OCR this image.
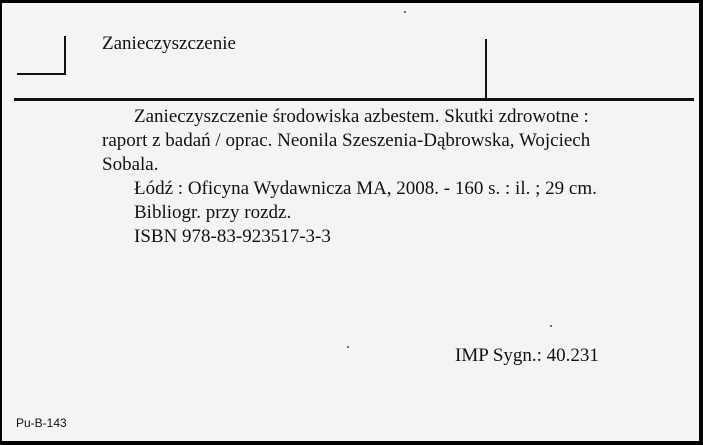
Zanieczyszczenie

Zanieczyszczenie środowiska azbestem. Skutki zdrowotne : raport z badań / oprac. Neonila Szeszenia-Dąbrowska, Wojciech Sobala.

Łódź : Oficyna Wydawnicza MA, 2008. - 160 s. : il. ; 29 cm.

Bibliogr. przy rozdz.

ISBN 978-83-923517-3-3

IMP Sygn.: 40.231
Pu-B-143
